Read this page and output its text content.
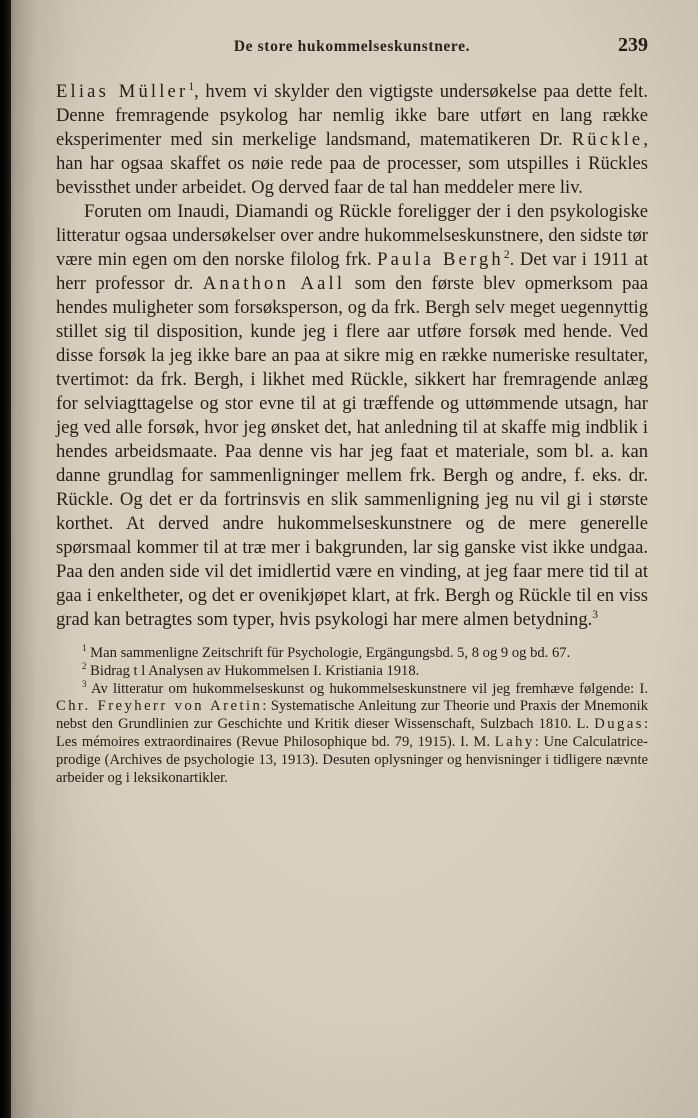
De store hukommelseskunstnere.	239

Elias Müller$^1$, hvem vi skylder den vigtigste undersøkelse paa dette felt. Denne fremragende psykolog har nemlig ikke bare utført en lang række eksperimenter med sin merkelige landsmand, matematikeren Dr. Rückle, han har ogsaa skaffet os nøie rede paa de processer, som utspilles i Rückles bevissthet under arbeidet. Og derved faar de tal han meddeler mere liv.

Foruten om Inaudi, Diamandi og Rückle foreligger der i den psykologiske litteratur ogsaa undersøkelser over andre hukommelseskunstnere, den sidste tør være min egen om den norske filolog frk. Paula Bergh$^2$. Det var i 1911 at herr professor dr. Anathon Aall som den første blev opmerksom paa hendes muligheter som forsøksperson, og da frk. Bergh selv meget uegennyttig stillet sig til disposition, kunde jeg i flere aar utføre forsøk med hende. Ved disse forsøk la jeg ikke bare an paa at sikre mig en række numeriske resultater, tvertimot: da frk. Bergh, i likhet med Rückle, sikkert har fremragende anlæg for selviagttagelse og stor evne til at gi træffende og uttømmende utsagn, har jeg ved alle forsøk, hvor jeg ønsket det, hat anledning til at skaffe mig indblik i hendes arbeidsmaate. Paa denne vis har jeg faat et materiale, som bl. a. kan danne grundlag for sammenligninger mellem frk. Bergh og andre, f. eks. dr. Rückle. Og det er da fortrinsvis en slik sammenligning jeg nu vil gi i største korthet. At derved andre hukommelseskunstnere og de mere generelle spørsmaal kommer til at træ mer i bakgrunden, lar sig ganske vist ikke undgaa. Paa den anden side vil det imidlertid være en vinding, at jeg faar mere tid til at gaa i enkeltheter, og det er ovenikjøpet klart, at frk. Bergh og Rückle til en viss grad kan betragtes som typer, hvis psykologi har mere almen betydning.$^3$

$^1$ Man sammenligne Zeitschrift für Psychologie, Ergängungsbd. 5, 8 og 9 og bd. 67.

$^2$ Bidrag t l Analysen av Hukommelsen I. Kristiania 1918.

$^3$ Av litteratur om hukommelseskunst og hukommelseskunstnere vil jeg fremhæve følgende: I. Chr. Freyherr von Aretin: Systematische Anleitung zur Theorie und Praxis der Mnemonik nebst den Grundlinien zur Geschichte und Kritik dieser Wissenschaft, Sulzbach 1810. L. Dugas: Les mémoires extraordinaires (Revue Philosophique bd. 79, 1915). I. M. Lahy: Une Calculatrice-prodige (Archives de psychologie 13, 1913). Desuten oplysninger og henvisninger i tidligere nævnte arbeider og i leksikonartikler.
